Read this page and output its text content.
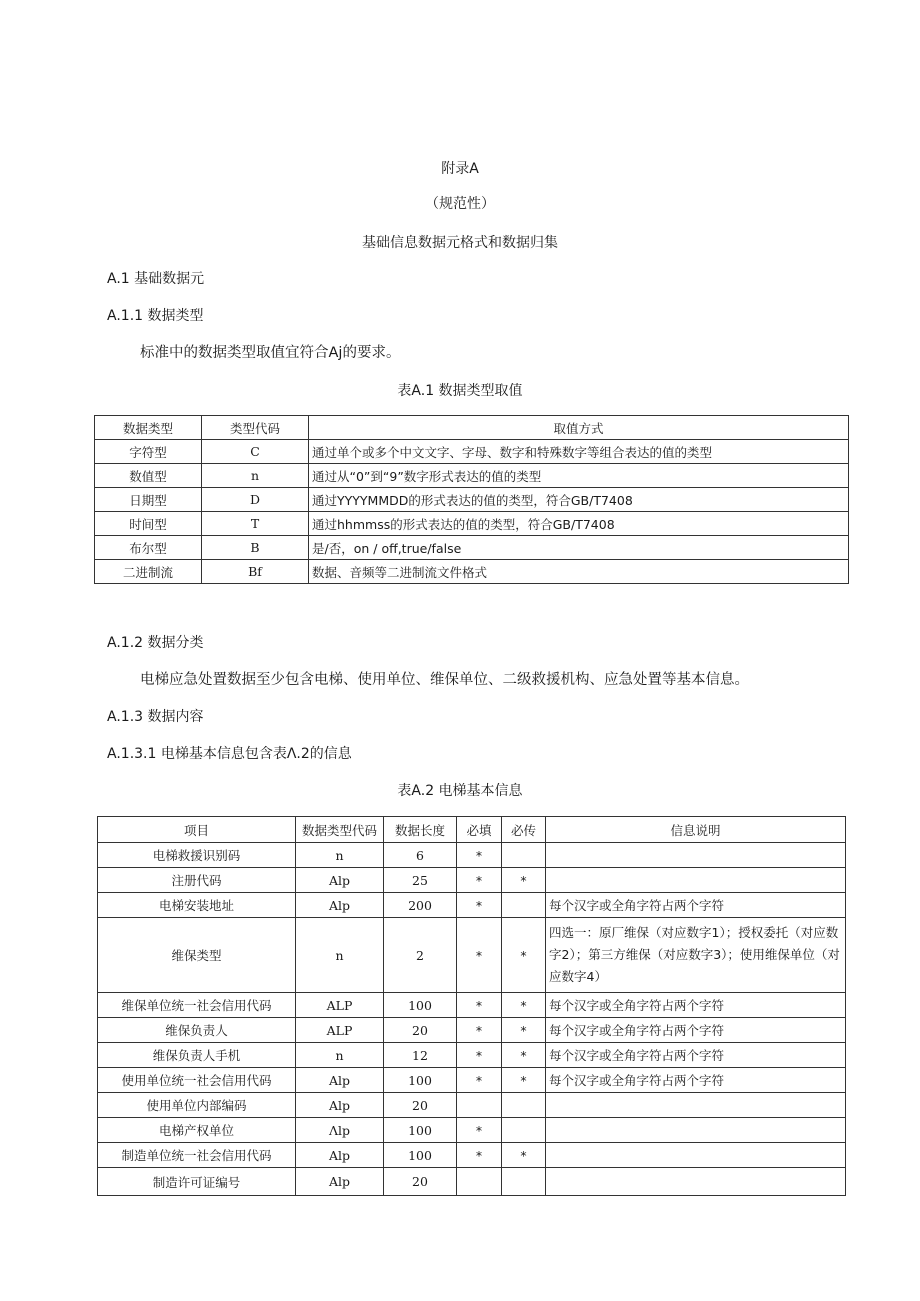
附录A
（规范性）
基础信息数据元格式和数据归集
A.1 基础数据元
A.1.1 数据类型
标准中的数据类型取值宜符合Aj的要求。
表A.1 数据类型取值
数据类型	类型代码	取值方式
字符型	C	通过单个或多个中文文字、字母、数字和特殊数字等组合表达的值的类型
数值型	n	通过从“0”到“9”数字形式表达的值的类型
日期型	D	通过YYYYMMDD的形式表达的值的类型，符合GB/T7408
时间型	T	通过hhmmss的形式表达的值的类型，符合GB/T7408
布尔型	B	是/否，on / off,true/false
二进制流	Bf	数据、音频等二进制流文件格式
A.1.2 数据分类
电梯应急处置数据至少包含电梯、使用单位、维保单位、二级救援机构、应急处置等基本信息。
A.1.3 数据内容
A.1.3.1 电梯基本信息包含表Λ.2的信息
表A.2 电梯基本信息
项目	数据类型代码	数据长度	必填	必传	信息说明
电梯救援识别码	n	6	*		
注册代码	Alp	25	*	*	
电梯安装地址	Alp	200	*		每个汉字或全角字符占两个字符
维保类型	n	2	*	*	四选一：原厂维保（对应数字1）；授权委托（对应数字2）；第三方维保（对应数字3）；使用维保单位（对应数字4）
维保单位统一社会信用代码	ALP	100	*	*	每个汉字或全角字符占两个字符
维保负责人	ALP	20	*	*	每个汉字或全角字符占两个字符
维保负责人手机	n	12	*	*	每个汉字或全角字符占两个字符
使用单位统一社会信用代码	Alp	100	*	*	每个汉字或全角字符占两个字符
使用单位内部编码	Alp	20			
电梯产权单位	Λlp	100	*		
制造单位统一社会信用代码	Alp	100	*	*	
制造许可证编号	Alp	20			
